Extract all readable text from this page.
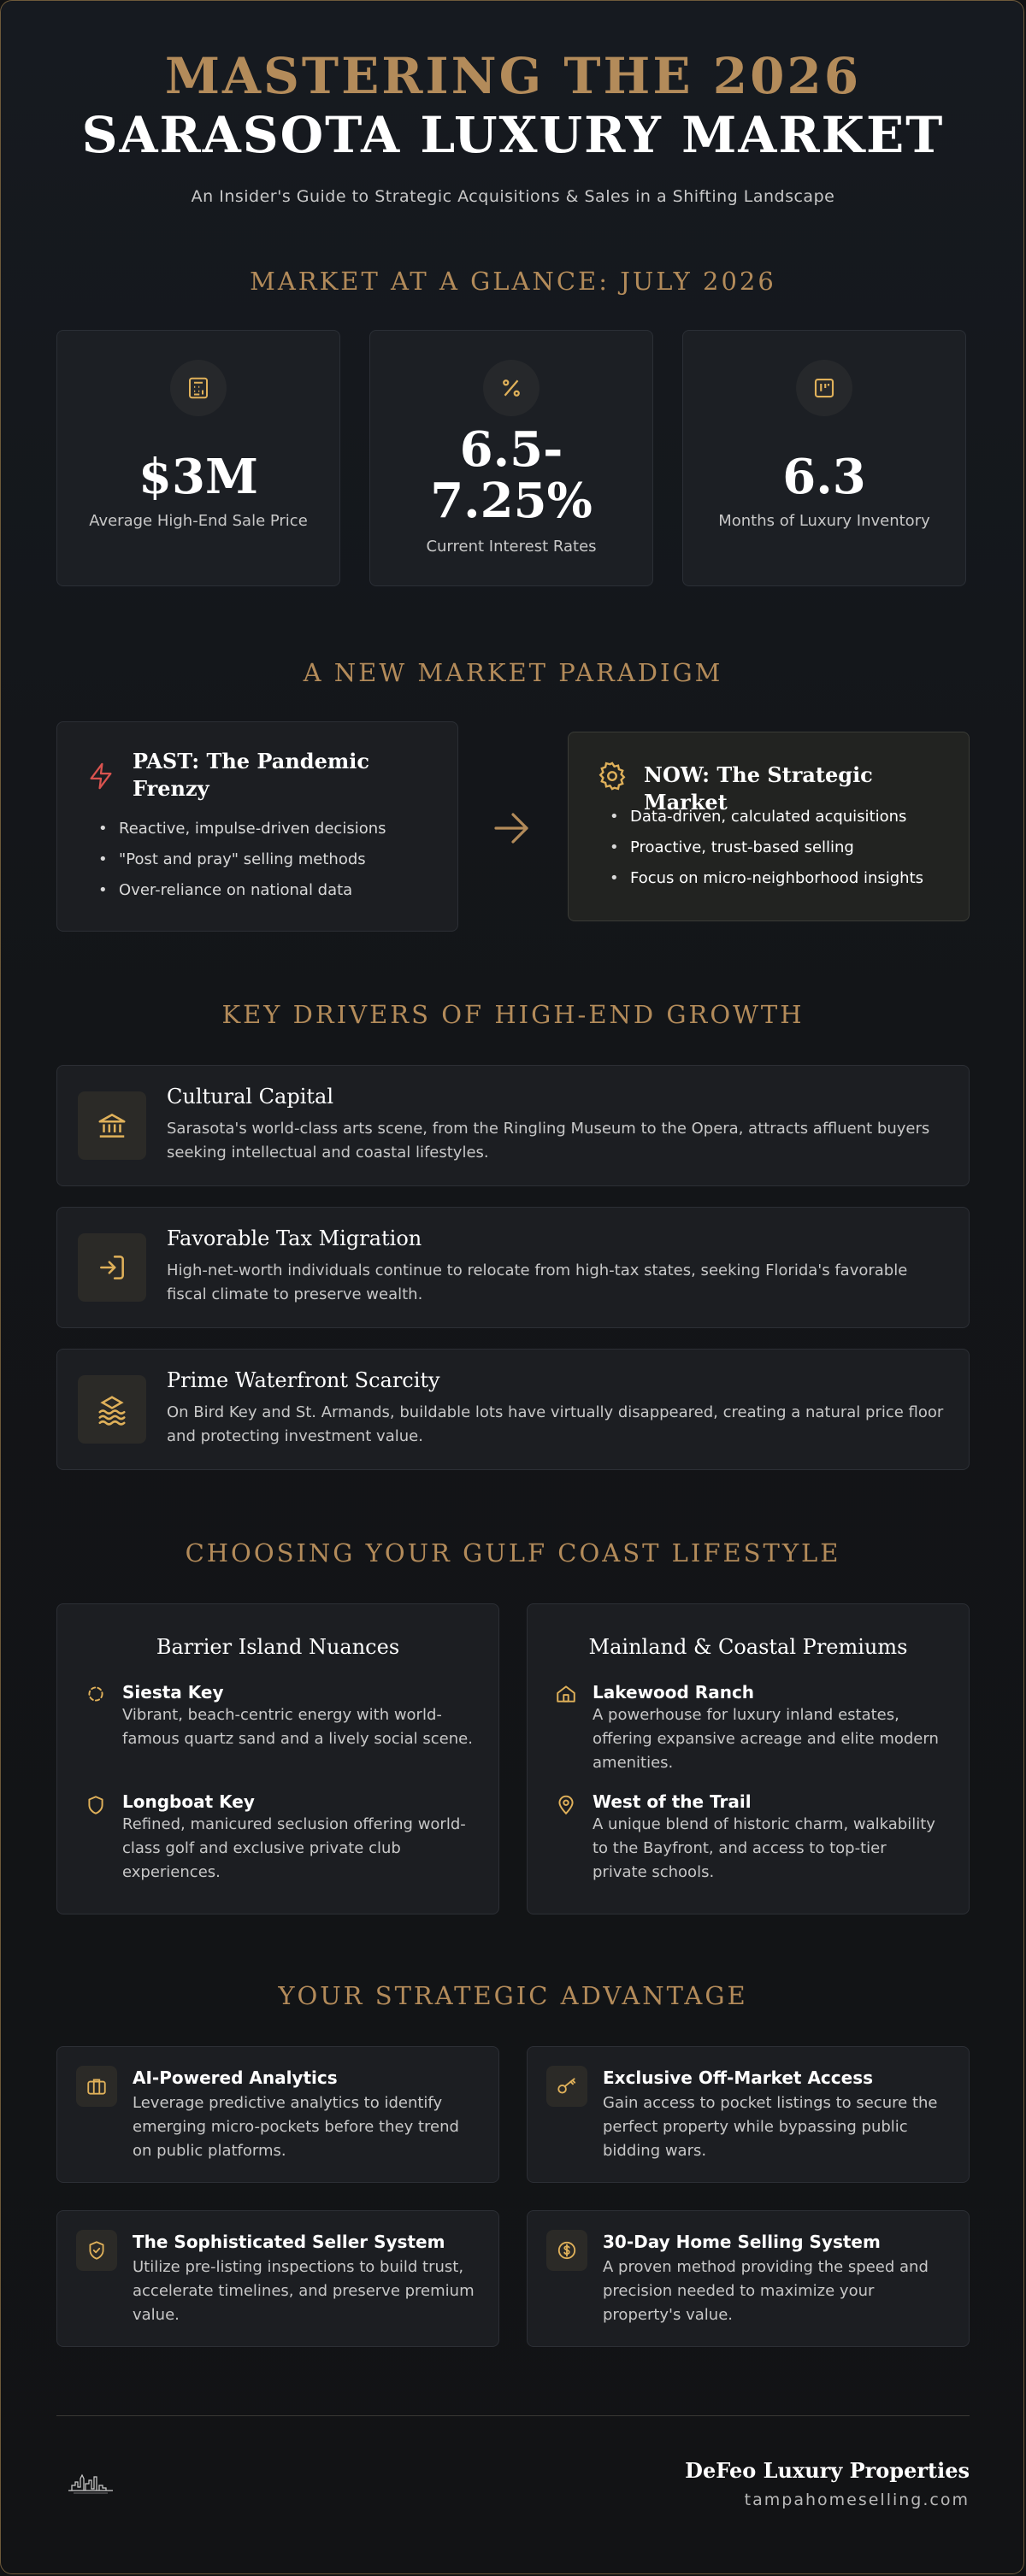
MASTERING THE 2026
SARASOTA LUXURY MARKET
An Insider's Guide to Strategic Acquisitions & Sales in a Shifting Landscape
MARKET AT A GLANCE: JULY 2026
$3M
Average High-End Sale Price
6.5-
7.25%
Current Interest Rates
6.3
Months of Luxury Inventory
A NEW MARKET PARADIGM
PAST: The Pandemic Frenzy
• Reactive, impulse-driven decisions
• "Post and pray" selling methods
• Over-reliance on national data
NOW: The Strategic Market
• Data-driven, calculated acquisitions
• Proactive, trust-based selling
• Focus on micro-neighborhood insights
KEY DRIVERS OF HIGH-END GROWTH
Cultural Capital
Sarasota's world-class arts scene, from the Ringling Museum to the Opera, attracts affluent buyers seeking intellectual and coastal lifestyles.
Favorable Tax Migration
High-net-worth individuals continue to relocate from high-tax states, seeking Florida's favorable fiscal climate to preserve wealth.
Prime Waterfront Scarcity
On Bird Key and St. Armands, buildable lots have virtually disappeared, creating a natural price floor and protecting investment value.
CHOOSING YOUR GULF COAST LIFESTYLE
Barrier Island Nuances
Siesta Key
Vibrant, beach-centric energy with world-famous quartz sand and a lively social scene.
Longboat Key
Refined, manicured seclusion offering world-class golf and exclusive private club experiences.
Mainland & Coastal Premiums
Lakewood Ranch
A powerhouse for luxury inland estates, offering expansive acreage and elite modern amenities.
West of the Trail
A unique blend of historic charm, walkability to the Bayfront, and access to top-tier private schools.
YOUR STRATEGIC ADVANTAGE
AI-Powered Analytics
Leverage predictive analytics to identify emerging micro-pockets before they trend on public platforms.
Exclusive Off-Market Access
Gain access to pocket listings to secure the perfect property while bypassing public bidding wars.
The Sophisticated Seller System
Utilize pre-listing inspections to build trust, accelerate timelines, and preserve premium value.
30-Day Home Selling System
A proven method providing the speed and precision needed to maximize your property's value.
DeFeo Luxury Properties
tampahomeselling.com
